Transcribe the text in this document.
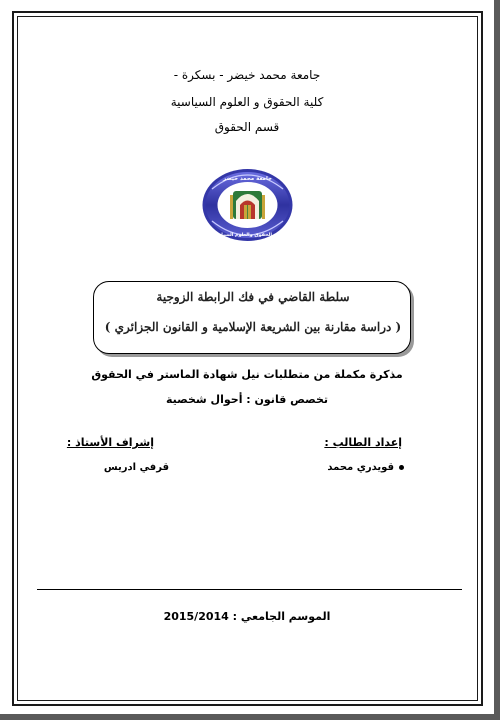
جامعة محمد خيضر - بسكرة -
كلية الحقوق و العلوم السياسية
قسم الحقوق
جامعة محمد خيضر
كلية الحقوق والعلوم السياسية
سلطة القاضي في فك الرابطة الزوجية
( دراسة مقارنة بين الشريعة الإسلامية و القانون الجزائري )
مذكرة مكملة من متطلبات نيل شهادة الماستر في الحقوق
تخصص قانون : أحوال شخصية
إعداد الطالب :
إشراف الأستاذ :
قويدري محمد
قرفي ادريس
الموسم الجامعي : 2015/2014
